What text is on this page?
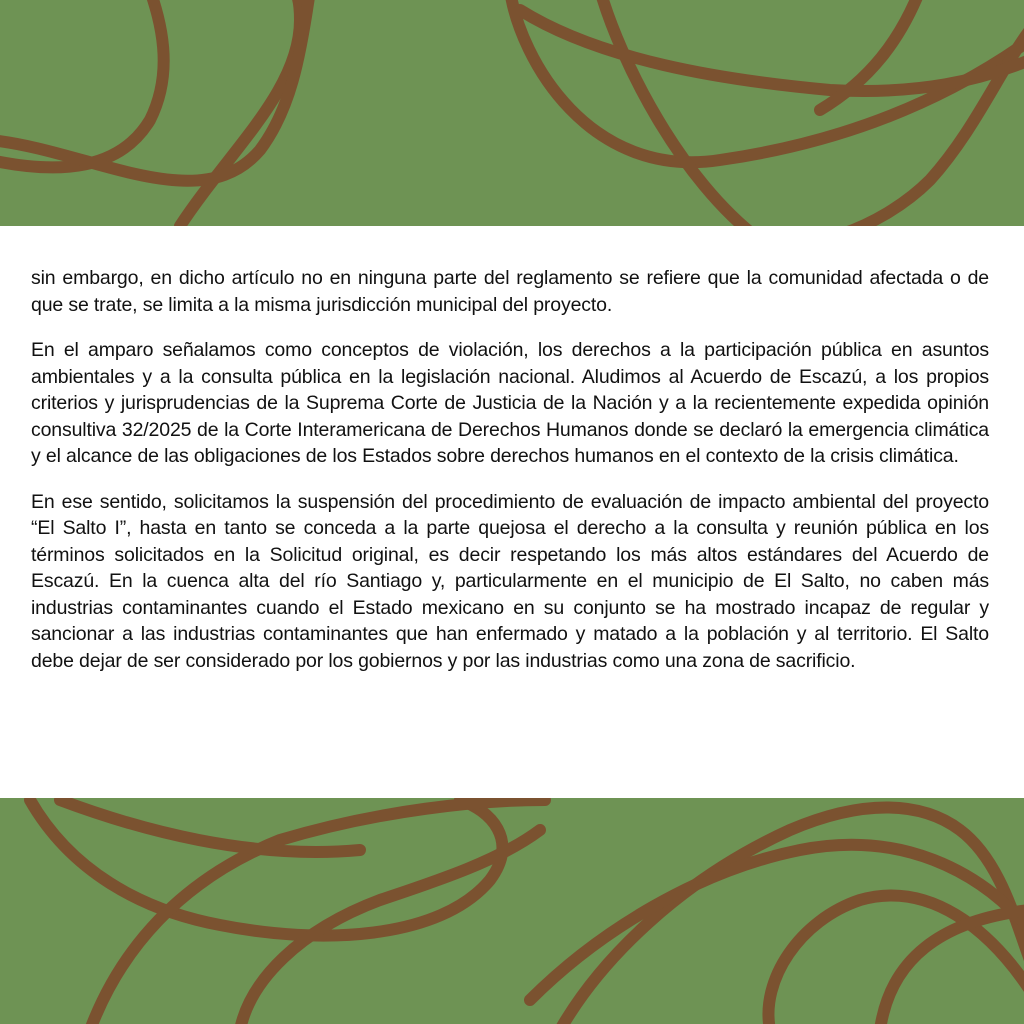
sin embargo, en dicho artículo no en ninguna parte del reglamento se refiere que la comunidad afectada o de que se trate, se limita a la misma jurisdicción municipal del proyecto.

En el amparo señalamos como conceptos de violación, los derechos a la participación pública en asuntos ambientales y a la consulta pública en la legislación nacional. Aludimos al Acuerdo de Escazú, a los propios criterios y jurisprudencias de la Suprema Corte de Justicia de la Nación y a la recientemente expedida opinión consultiva 32/2025 de la Corte Interamericana de Derechos Humanos donde se declaró la emergencia climática y el alcance de las obligaciones de los Estados sobre derechos humanos en el contexto de la crisis climática.

En ese sentido, solicitamos la suspensión del procedimiento de evaluación de impacto ambiental del proyecto “El Salto I”, hasta en tanto se conceda a la parte quejosa el derecho a la consulta y reunión pública en los términos solicitados en la Solicitud original, es decir respetando los más altos estándares del Acuerdo de Escazú. En la cuenca alta del río Santiago y, particularmente en el municipio de El Salto, no caben más industrias contaminantes cuando el Estado mexicano en su conjunto se ha mostrado incapaz de regular y sancionar a las industrias contaminantes que han enfermado y matado a la población y al territorio. El Salto debe dejar de ser considerado por los gobiernos y por las industrias como una zona de sacrificio.
